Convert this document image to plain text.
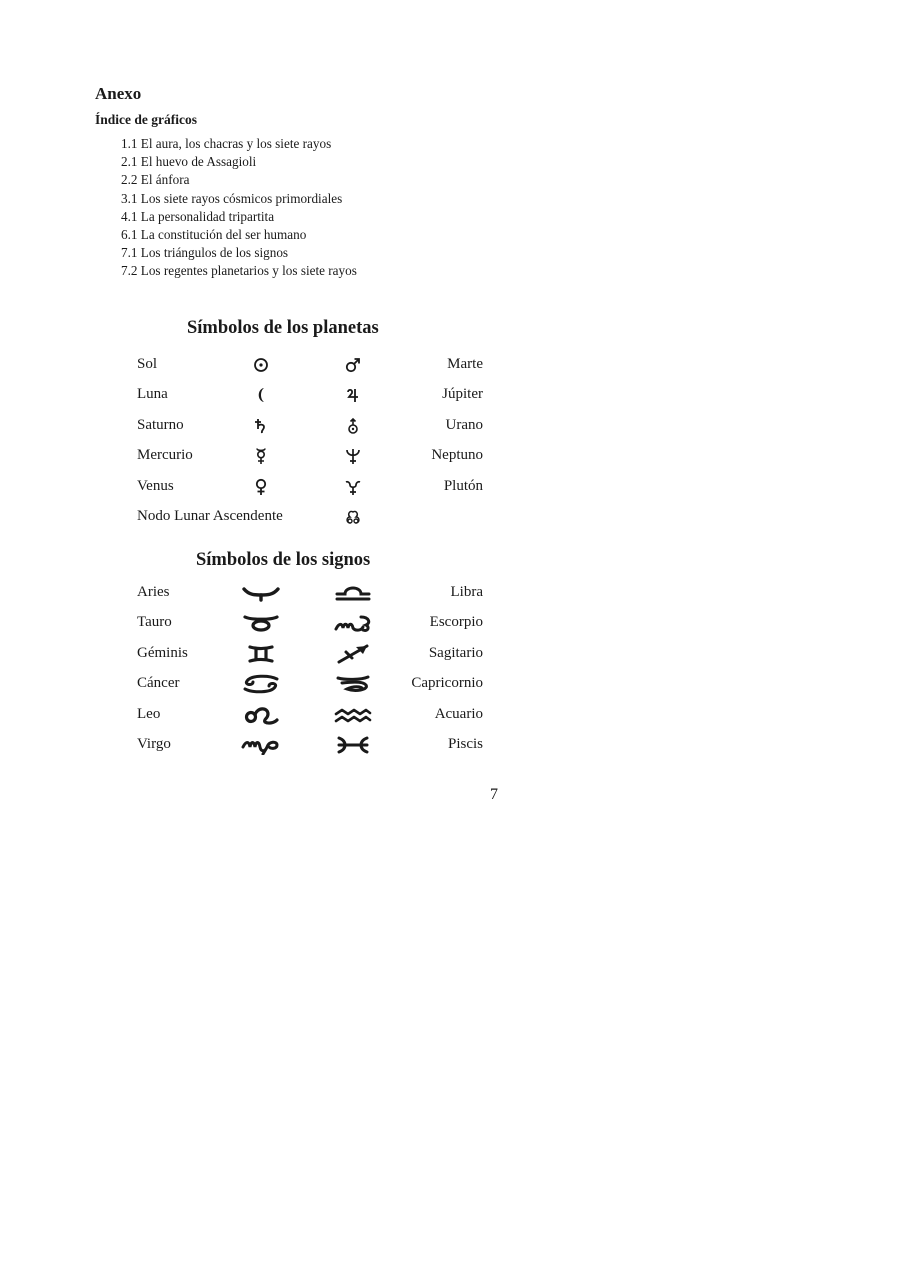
Anexo
Índice de gráficos
1.1 El aura, los chacras y los siete rayos
2.1 El huevo de Assagioli
2.2 El ánfora
3.1 Los siete rayos cósmicos primordiales
4.1 La personalidad tripartita
6.1 La constitución del ser humano
7.1 Los triángulos de los signos
7.2 Los regentes planetarios y los siete rayos
Símbolos de los planetas
Sol	Marte
Luna	Júpiter
Saturno	Urano
Mercurio	Neptuno
Venus	Plutón
Nodo Lunar Ascendente
Símbolos de los signos
Aries	Libra
Tauro	Escorpio
Géminis	Sagitario
Cáncer	Capricornio
Leo	Acuario
Virgo	Piscis
7
